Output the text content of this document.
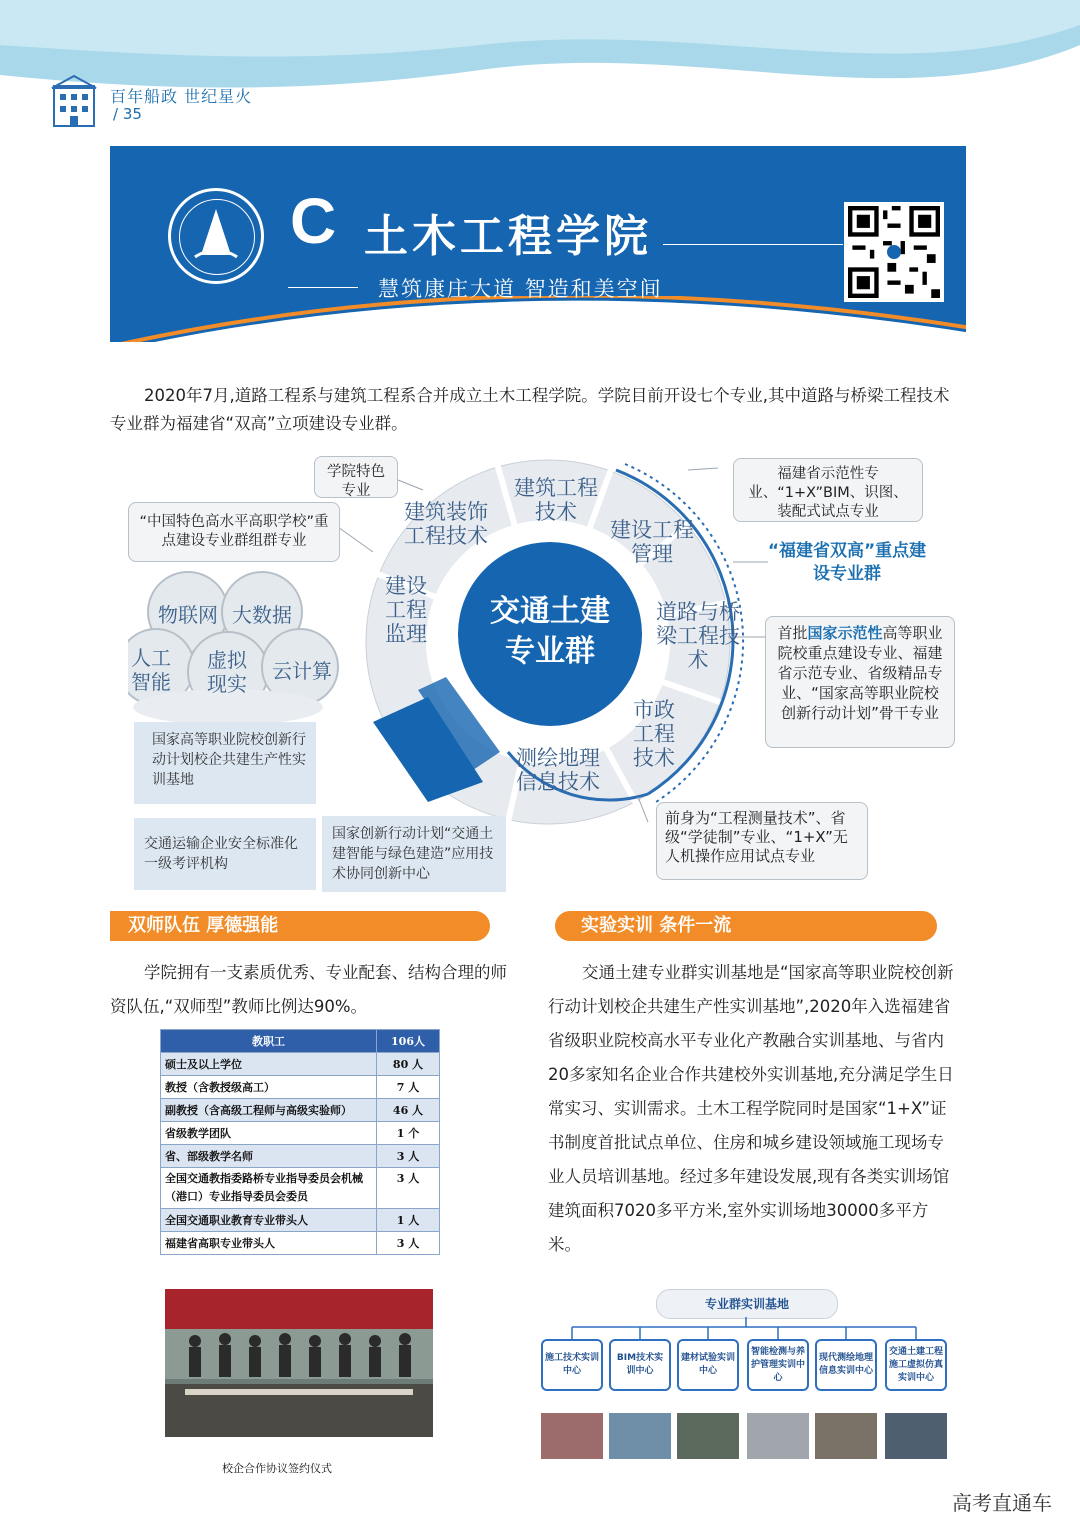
百年船政 世纪星火
/ 35
C 土木工程学院
慧筑康庄大道 智造和美空间
2020年7月,道路工程系与建筑工程系合并成立土木工程学院。学院目前开设七个专业,其中道路与桥梁工程技术专业群为福建省“双高”立项建设专业群。
交通土建专业群
建筑工程技术
建筑装饰工程技术
建设工程监理
建设工程管理
道路与桥梁工程技术
市政工程技术
测绘地理信息技术
物联网 大数据
人工智能
虚拟现实
云计算
学院特色专业
“中国特色高水平高职学校”重点建设专业群组群专业
福建省示范性专业、“1+X”BIM、识图、装配式试点专业
“福建省双高”重点建设专业群
首批国家示范性高等职业院校重点建设专业、福建省示范专业、省级精品专业、“国家高等职业院校创新行动计划”骨干专业
前身为“工程测量技术”、省级“学徒制”专业、“1+X”无人机操作应用试点专业
国家高等职业院校创新行动计划校企共建生产性实训基地
交通运输企业安全标准化一级考评机构
国家创新行动计划“交通土建智能与绿色建造”应用技术协同创新中心
双师队伍 厚德强能	实验实训 条件一流
学院拥有一支素质优秀、专业配套、结构合理的师资队伍,“双师型”教师比例达90%。
交通土建专业群实训基地是“国家高等职业院校创新行动计划校企共建生产性实训基地”,2020年入选福建省省级职业院校高水平专业化产教融合实训基地、与省内20多家知名企业合作共建校外实训基地,充分满足学生日常实习、实训需求。土木工程学院同时是国家“1+X”证书制度首批试点单位、住房和城乡建设领域施工现场专业人员培训基地。经过多年建设发展,现有各类实训场馆建筑面积7020多平方米,室外实训场地30000多平方米。
教职工	106人
硕士及以上学位	80 人
教授（含教授级高工）	7 人
副教授（含高级工程师与高级实验师）	46 人
省级教学团队	1 个
省、部级教学名师	3 人
全国交通教指委路桥专业指导委员会机械（港口）专业指导委员会委员	3 人
全国交通职业教育专业带头人	1 人
福建省高职专业带头人	3 人
校企合作协议签约仪式
专业群实训基地
施工技术实训中心
BIM技术实训中心
建材试验实训中心
智能检测与养护管理实训中心
现代测绘地理信息实训中心
交通土建工程施工虚拟仿真实训中心
高考直通车
